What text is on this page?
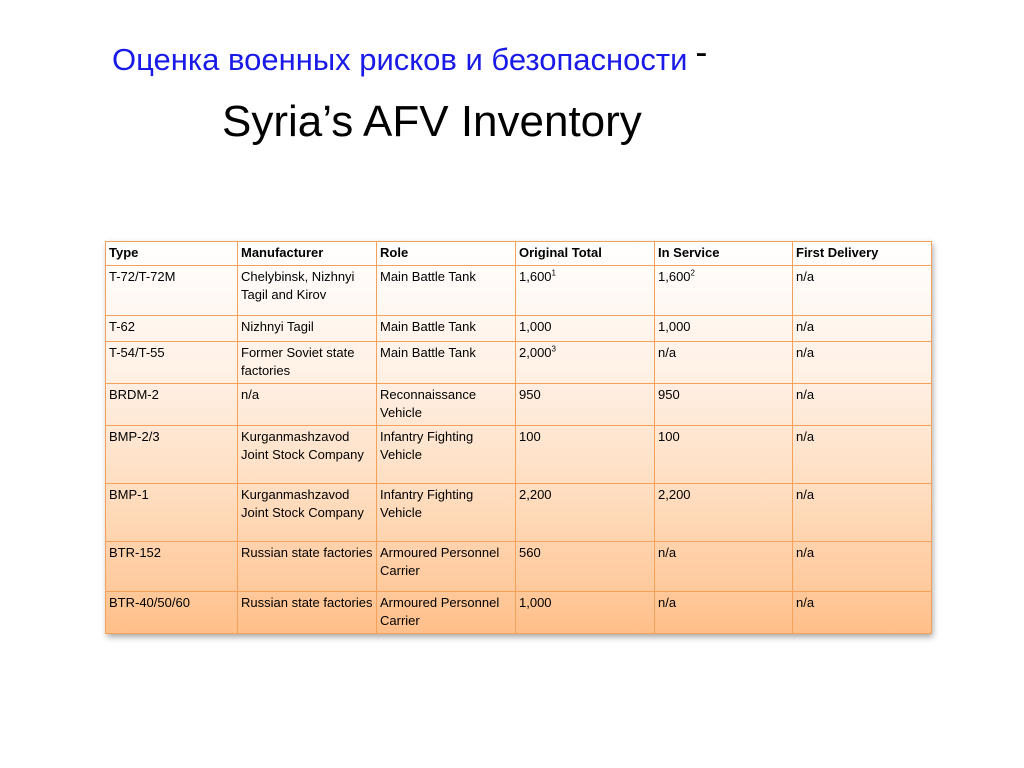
Оценка военных рисков и безопасности -
Syria’s AFV Inventory
Type	Manufacturer	Role	Original Total	In Service	First Delivery
T-72/T-72M	Chelybinsk, Nizhnyi Tagil and Kirov	Main Battle Tank	1,600$^1$	1,600$^2$	n/a
T-62	Nizhnyi Tagil	Main Battle Tank	1,000	1,000	n/a
T-54/T-55	Former Soviet state factories	Main Battle Tank	2,000$^3$	n/a	n/a
BRDM-2	n/a	Reconnaissance Vehicle	950	950	n/a
BMP-2/3	Kurganmashzavod Joint Stock Company	Infantry Fighting Vehicle	100	100	n/a
BMP-1	Kurganmashzavod Joint Stock Company	Infantry Fighting Vehicle	2,200	2,200	n/a
BTR-152	Russian state factories	Armoured Personnel Carrier	560	n/a	n/a
BTR-40/50/60	Russian state factories	Armoured Personnel Carrier	1,000	n/a	n/a
